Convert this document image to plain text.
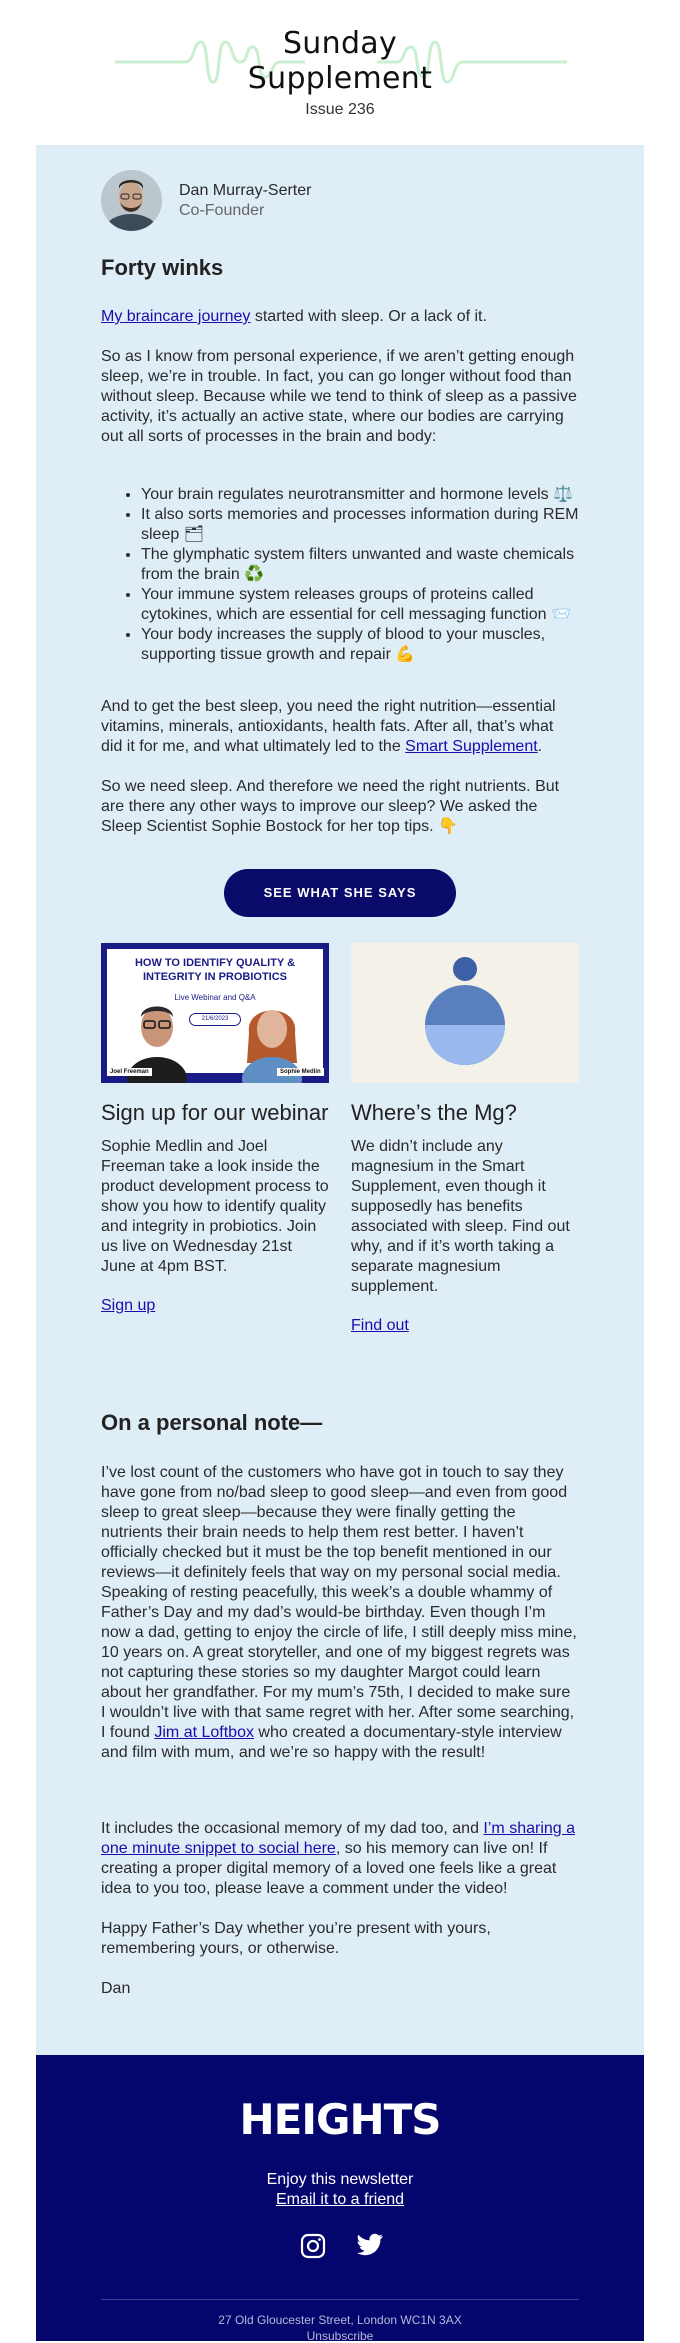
Sunday
Supplement
Issue 236
Dan Murray-Serter
Co-Founder
Forty winks
My braincare journey started with sleep. Or a lack of it.
So as I know from personal experience, if we aren’t getting enough sleep, we’re in trouble. In fact, you can go longer without food than without sleep. Because while we tend to think of sleep as a passive activity, it’s actually an active state, where our bodies are carrying out all sorts of processes in the brain and body:
• Your brain regulates neurotransmitter and hormone levels ⚖️
• It also sorts memories and processes information during REM sleep 🗂
• The glymphatic system filters unwanted and waste chemicals from the brain ♻️
• Your immune system releases groups of proteins called cytokines, which are essential for cell messaging function 📨
• Your body increases the supply of blood to your muscles, supporting tissue growth and repair 💪
And to get the best sleep, you need the right nutrition—essential vitamins, minerals, antioxidants, health fats. After all, that’s what did it for me, and what ultimately led to the Smart Supplement.
So we need sleep. And therefore we need the right nutrients. But are there any other ways to improve our sleep? We asked the Sleep Scientist Sophie Bostock for her top tips. 👇
SEE WHAT SHE SAYS
HOW TO IDENTIFY QUALITY &
INTEGRITY IN PROBIOTICS
Live Webinar and Q&A
21/6/2023
Joel Freeman	Sophie Medlin
Sign up for our webinar
Sophie Medlin and Joel Freeman take a look inside the product development process to show you how to identify quality and integrity in probiotics. Join us live on Wednesday 21st June at 4pm BST.
Sign up
Where’s the Mg?
We didn’t include any magnesium in the Smart Supplement, even though it supposedly has benefits associated with sleep. Find out why, and if it’s worth taking a separate magnesium supplement.
Find out
On a personal note—
I’ve lost count of the customers who have got in touch to say they have gone from no/bad sleep to good sleep—and even from good sleep to great sleep—because they were finally getting the nutrients their brain needs to help them rest better. I haven’t officially checked but it must be the top benefit mentioned in our reviews—it definitely feels that way on my personal social media.
Speaking of resting peacefully, this week’s a double whammy of Father’s Day and my dad’s would-be birthday. Even though I’m now a dad, getting to enjoy the circle of life, I still deeply miss mine, 10 years on. A great storyteller, and one of my biggest regrets was not capturing these stories so my daughter Margot could learn about her grandfather. For my mum’s 75th, I decided to make sure I wouldn’t live with that same regret with her. After some searching, I found Jim at Loftbox who created a documentary-style interview and film with mum, and we’re so happy with the result!
It includes the occasional memory of my dad too, and I’m sharing a one minute snippet to social here, so his memory can live on! If creating a proper digital memory of a loved one feels like a great idea to you too, please leave a comment under the video!
Happy Father’s Day whether you’re present with yours, remembering yours, or otherwise.
Dan
HEIGHTS
Enjoy this newsletter
Email it to a friend
27 Old Gloucester Street, London WC1N 3AX
Unsubscribe
